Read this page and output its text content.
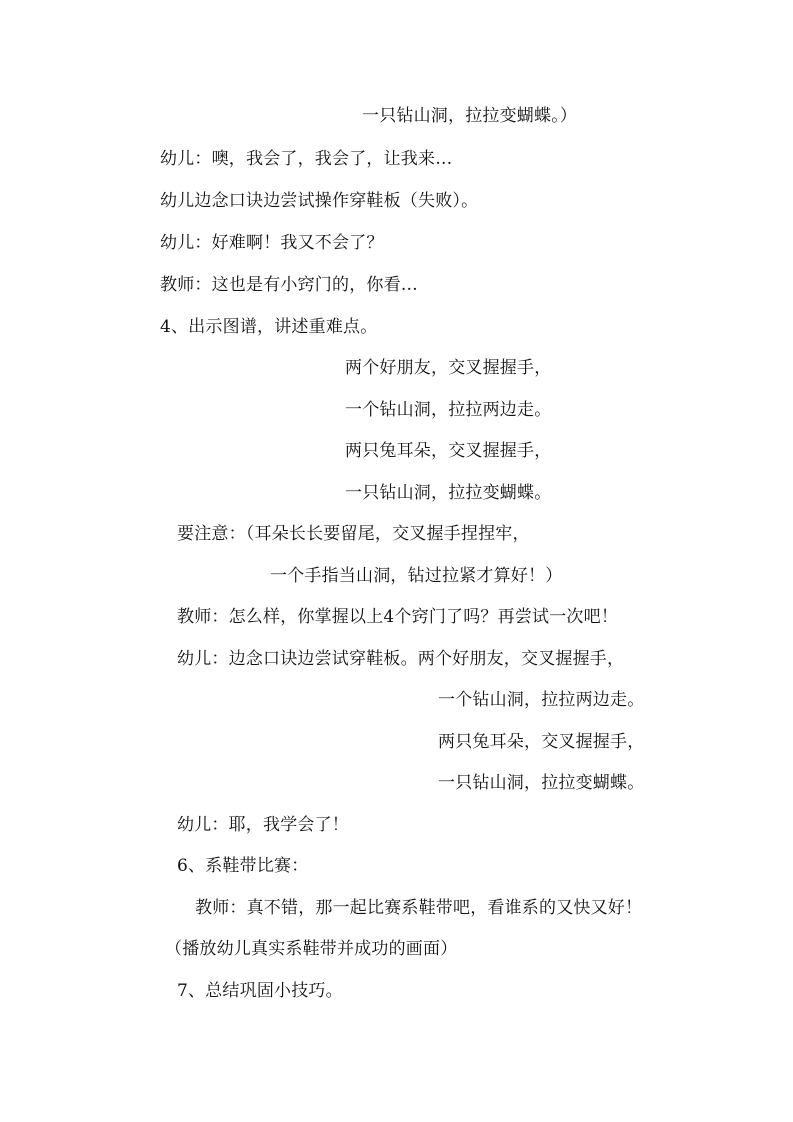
一只钻山洞，拉拉变蝴蝶。）
幼儿：噢，我会了，我会了，让我来…
幼儿边念口诀边尝试操作穿鞋板（失败）。
幼儿：好难啊！我又不会了？
教师：这也是有小窍门的，你看…
4、出示图谱，讲述重难点。
两个好朋友，交叉握握手，
一个钻山洞，拉拉两边走。
两只兔耳朵，交叉握握手，
一只钻山洞，拉拉变蝴蝶。
要注意：（耳朵长长要留尾，交叉握手捏捏牢，
一个手指当山洞，钻过拉紧才算好！）
教师：怎么样，你掌握以上4个窍门了吗？再尝试一次吧！
幼儿：边念口诀边尝试穿鞋板。两个好朋友，交叉握握手，
一个钻山洞，拉拉两边走。
两只兔耳朵，交叉握握手，
一只钻山洞，拉拉变蝴蝶。
幼儿：耶，我学会了！
6、系鞋带比赛：
教师：真不错，那一起比赛系鞋带吧，看谁系的又快又好！
（播放幼儿真实系鞋带并成功的画面）
7、总结巩固小技巧。
